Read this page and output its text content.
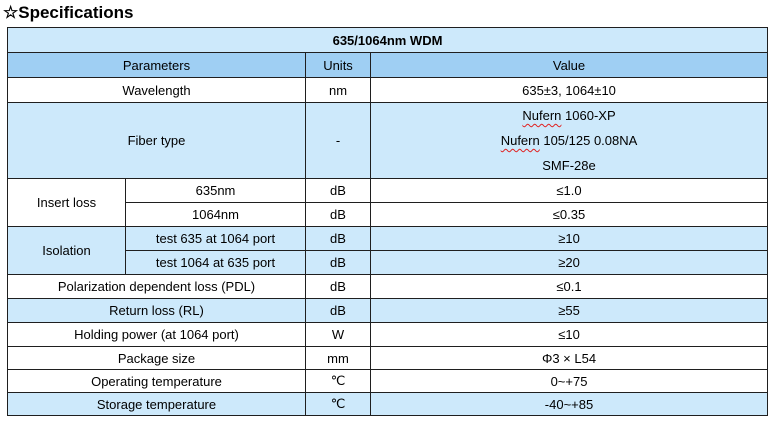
☆Specifications
635/1064nm WDM			
Parameters		Units	Value
Wavelength		nm	635±3, 1064±10
Fiber type		-	Nufern 1060-XP
Nufern 105/125 0.08NA
SMF-28e

Insert loss	635nm	dB	≤1.0
	1064nm	dB	≤0.35
Isolation	test 635 at 1064 port	dB	≥10
	test 1064 at 635 port	dB	≥20
Polarization dependent loss (PDL)		dB	≤0.1
Return loss (RL)		dB	≥55
Holding power (at 1064 port)		W	≤10
Package size		mm	Φ3 × L54
Operating temperature		℃	0~+75
Storage temperature		℃	-40~+85
